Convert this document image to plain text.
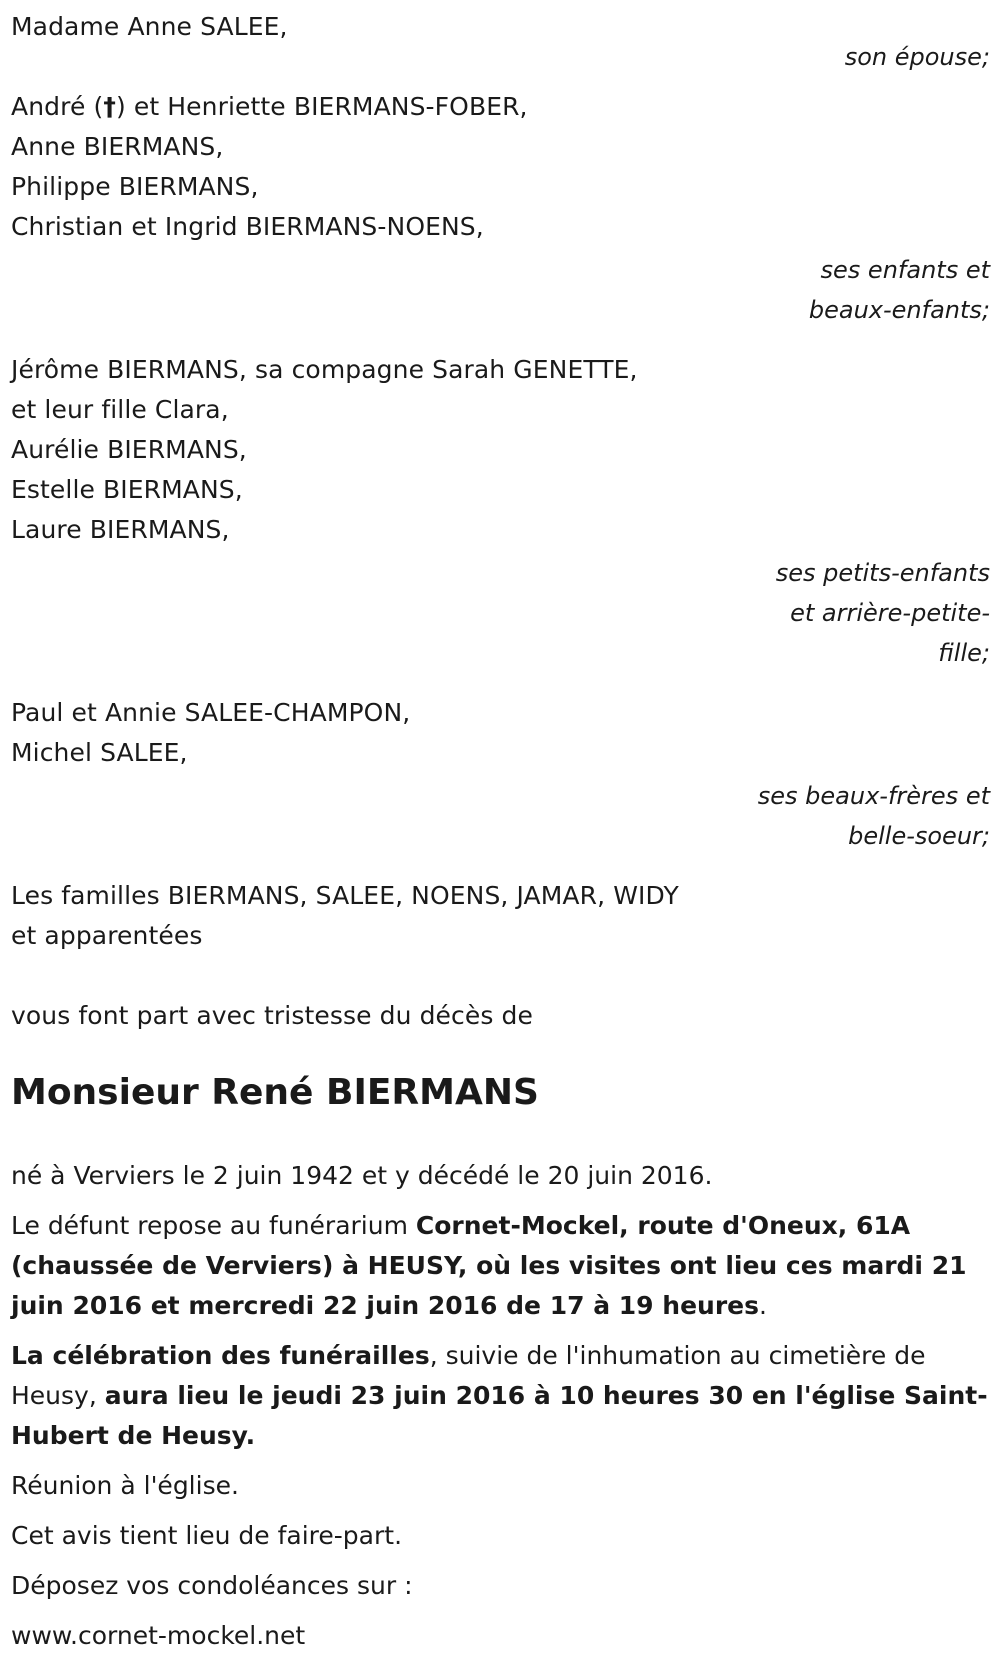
Madame Anne SALEE,
son épouse;
André (†) et Henriette BIERMANS-FOBER,
Anne BIERMANS,
Philippe BIERMANS,
Christian et Ingrid BIERMANS-NOENS,
ses enfants et
beaux-enfants;
Jérôme BIERMANS, sa compagne Sarah GENETTE,
et leur fille Clara,
Aurélie BIERMANS,
Estelle BIERMANS,
Laure BIERMANS,
ses petits-enfants
et arrière-petite-
fille;
Paul et Annie SALEE-CHAMPON,
Michel SALEE,
ses beaux-frères et
belle-soeur;
Les familles BIERMANS, SALEE, NOENS, JAMAR, WIDY
et apparentées
vous font part avec tristesse du décès de
Monsieur René BIERMANS

né à Verviers le 2 juin 1942 et y décédé le 20 juin 2016.

Le défunt repose au funérarium Cornet-Mockel, route d'Oneux, 61A
(chaussée de Verviers) à HEUSY, où les visites ont lieu ces mardi 21
juin 2016 et mercredi 22 juin 2016 de 17 à 19 heures.

La célébration des funérailles, suivie de l'inhumation au cimetière de
Heusy, aura lieu le jeudi 23 juin 2016 à 10 heures 30 en l'église Saint-
Hubert de Heusy.

Réunion à l'église.

Cet avis tient lieu de faire-part.

Déposez vos condoléances sur :

www.cornet-mockel.net
